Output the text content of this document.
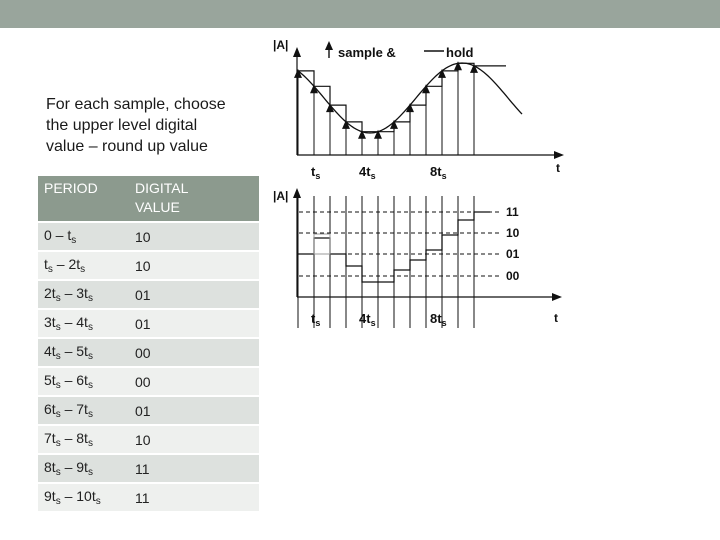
For each sample, choose
the upper level digital
value – round up value
PERIOD	DIGITAL
VALUE
$0 - t_s$	10
$t_s - 2t_s$	10
$2t_s - 3t_s$	01
$3t_s - 4t_s$	01
$4t_s - 5t_s$	00
$5t_s - 6t_s$	00
$6t_s - 7t_s$	01
$7t_s - 8t_s$	10
$8t_s - 9t_s$	11
$9t_s - 10t_s$	11
|A|	sample &	hold
t
$t_s$	$4t_s$	$8t_s$
|A|
11
10
01
00
t
$t_s$	$4t_s$	$8t_s$
